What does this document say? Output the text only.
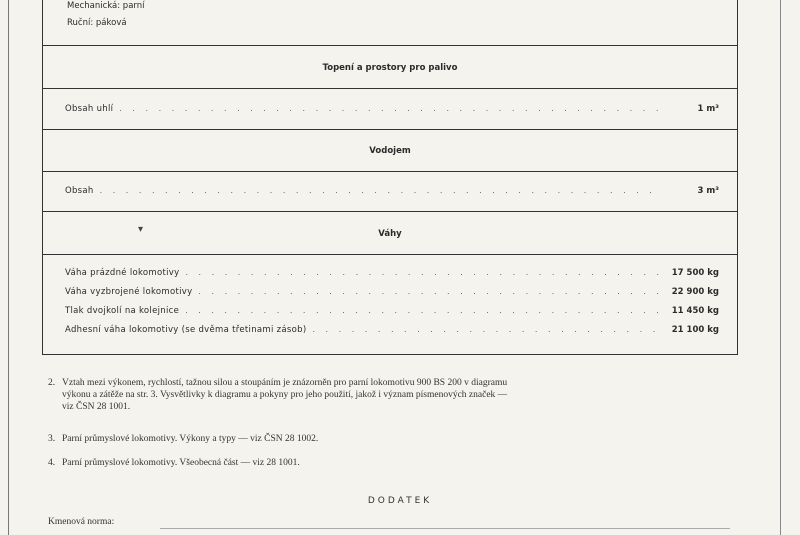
Mechanická: parní
Ruční: páková
Topení a prostory pro palivo
Obsah uhlí . . .	1 m³
Vodojem
Obsah . . .	3 m³
Váhy
Váha prázdné lokomotivy . . .	17 500 kg
Váha vyzbrojené lokomotivy . . .	22 900 kg
Tlak dvojkolí na kolejnice . . .	11 450 kg
Adhesní váha lokomotivy (se dvěma třetinami zásob) . . .	21 100 kg
▾
2. Vztah mezi výkonem, rychlostí, tažnou silou a stoupáním je znázorněn pro parní lokomotivu 900 BS 200 v diagramu
výkonu a zátěže na str. 3. Vysvětlivky k diagramu a pokyny pro jeho použití, jakož i význam písmenových značek —
viz ČSN 28 1001.
3. Parní průmyslové lokomotivy. Výkony a typy — viz ČSN 28 1002.
4. Parní průmyslové lokomotivy. Všeobecná část — viz 28 1001.
DODATEK
Kmenová norma:
